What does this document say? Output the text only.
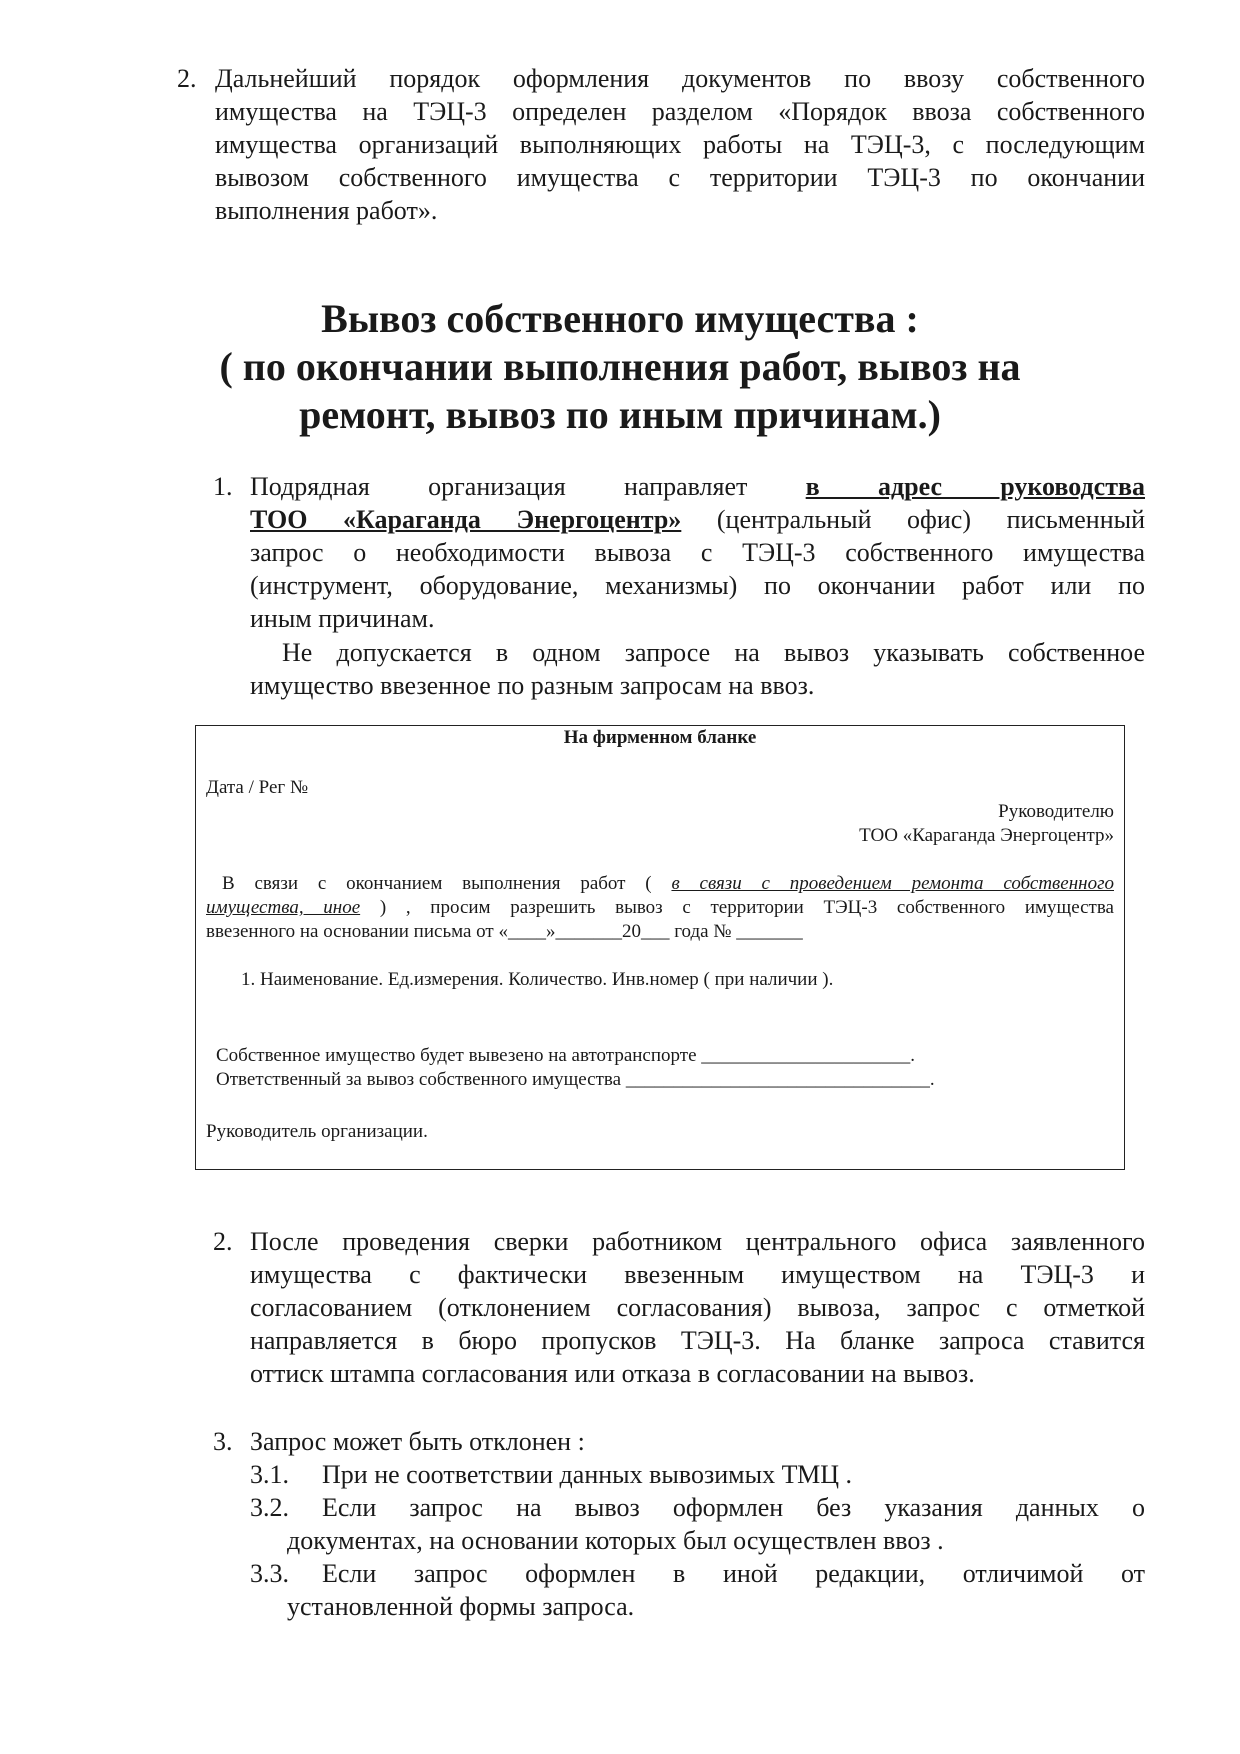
2. Дальнейший порядок оформления документов по ввозу собственного
имущества на ТЭЦ-3 определен разделом «Порядок ввоза собственного
имущества организаций выполняющих работы на ТЭЦ-3, с последующим
вывозом собственного имущества с территории ТЭЦ-3 по окончании
выполнения работ».
Вывоз собственного имущества :
( по окончании выполнения работ, вывоз на
ремонт, вывоз по иным причинам.)
1. Подрядная организация направляет в адрес руководства
ТОО «Караганда Энергоцентр» (центральный офис) письменный
запрос о необходимости вывоза с ТЭЦ-3 собственного имущества
(инструмент, оборудование, механизмы) по окончании работ или по
иным причинам.
Не допускается в одном запросе на вывоз указывать собственное
имущество ввезенное по разным запросам на ввоз.
На фирменном бланке
Дата / Рег №
Руководителю
ТОО «Караганда Энергоцентр»
В связи с окончанием выполнения работ ( в связи с проведением ремонта собственного
имущества, иное ) , просим разрешить вывоз с территории ТЭЦ-3 собственного имущества
ввезенного на основании письма от «____»_______20___ года № _______
1. Наименование. Ед.измерения. Количество. Инв.номер ( при наличии ).
Собственное имущество будет вывезено на автотранспорте ______________________.
Ответственный за вывоз собственного имущества ________________________________.
Руководитель организации.
2. После проведения сверки работником центрального офиса заявленного
имущества с фактически ввезенным имуществом на ТЭЦ-3 и
согласованием (отклонением согласования) вывоза, запрос с отметкой
направляется в бюро пропусков ТЭЦ-3. На бланке запроса ставится
оттиск штампа согласования или отказа в согласовании на вывоз.
3. Запрос может быть отклонен :
3.1. При не соответствии данных вывозимых ТМЦ .
3.2. Если запрос на вывоз оформлен без указания данных о
документах, на основании которых был осуществлен ввоз .
3.3. Если запрос оформлен в иной редакции, отличимой от
установленной формы запроса.
